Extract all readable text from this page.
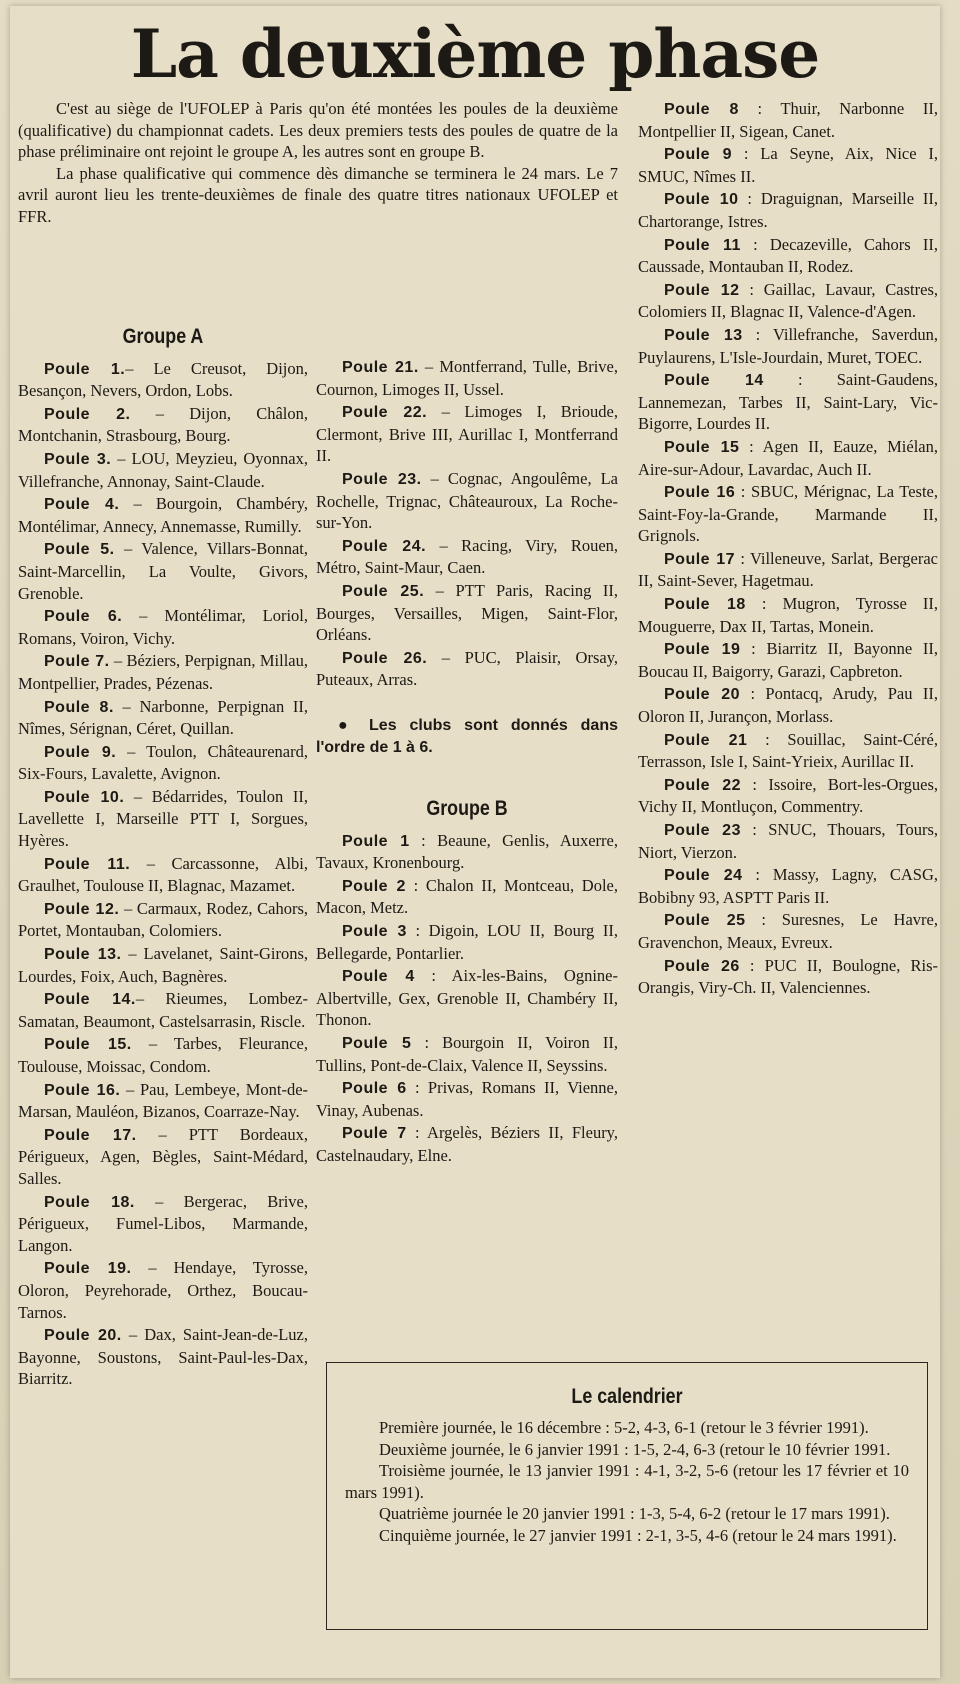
La deuxième phase

C'est au siège de l'UFOLEP à Paris qu'on été montées les poules de la deuxième (qualificative) du championnat cadets. Les deux premiers tests des poules de quatre de la phase préliminaire ont rejoint le groupe A, les autres sont en groupe B.

La phase qualificative qui commence dès dimanche se terminera le 24 mars. Le 7 avril auront lieu les trente-deuxièmes de finale des quatre titres nationaux UFOLEP et FFR.

Groupe A

Poule 1.– Le Creusot, Dijon, Besançon, Nevers, Ordon, Lobs.

Poule 2. – Dijon, Châlon, Montchanin, Strasbourg, Bourg.

Poule 3. – LOU, Meyzieu, Oyonnax, Villefranche, Annonay, Saint-Claude.

Poule 4. – Bourgoin, Chambéry, Montélimar, Annecy, Annemasse, Rumilly.

Poule 5. – Valence, Villars-Bonnat, Saint-Marcellin, La Voulte, Givors, Grenoble.

Poule 6. – Montélimar, Loriol, Romans, Voiron, Vichy.

Poule 7. – Béziers, Perpignan, Millau, Montpellier, Prades, Pézenas.

Poule 8. – Narbonne, Perpignan II, Nîmes, Sérignan, Céret, Quillan.

Poule 9. – Toulon, Châteaurenard, Six-Fours, Lavalette, Avignon.

Poule 10. – Bédarrides, Toulon II, Lavellette I, Marseille PTT I, Sorgues, Hyères.

Poule 11. – Carcassonne, Albi, Graulhet, Toulouse II, Blagnac, Mazamet.

Poule 12. – Carmaux, Rodez, Cahors, Portet, Montauban, Colomiers.

Poule 13. – Lavelanet, Saint-Girons, Lourdes, Foix, Auch, Bagnères.

Poule 14.– Rieumes, Lombez-Samatan, Beaumont, Castelsarrasin, Riscle.

Poule 15. – Tarbes, Fleurance, Toulouse, Moissac, Condom.

Poule 16. – Pau, Lembeye, Mont-de-Marsan, Mauléon, Bizanos, Coarraze-Nay.

Poule 17. – PTT Bordeaux, Périgueux, Agen, Bègles, Saint-Médard, Salles.

Poule 18. – Bergerac, Brive, Périgueux, Fumel-Libos, Marmande, Langon.

Poule 19. – Hendaye, Tyrosse, Oloron, Peyrehorade, Orthez, Boucau-Tarnos.

Poule 20. – Dax, Saint-Jean-de-Luz, Bayonne, Soustons, Saint-Paul-les-Dax, Biarritz.

Poule 21. – Montferrand, Tulle, Brive, Cournon, Limoges II, Ussel.

Poule 22. – Limoges I, Brioude, Clermont, Brive III, Aurillac I, Montferrand II.

Poule 23. – Cognac, Angoulême, La Rochelle, Trignac, Châteauroux, La Roche-sur-Yon.

Poule 24. – Racing, Viry, Rouen, Métro, Saint-Maur, Caen.

Poule 25. – PTT Paris, Racing II, Bourges, Versailles, Migen, Saint-Flor, Orléans.

Poule 26. – PUC, Plaisir, Orsay, Puteaux, Arras.

● Les clubs sont donnés dans l'ordre de 1 à 6.

Groupe B

Poule 1 : Beaune, Genlis, Auxerre, Tavaux, Kronenbourg.

Poule 2 : Chalon II, Montceau, Dole, Macon, Metz.

Poule 3 : Digoin, LOU II, Bourg II, Bellegarde, Pontarlier.

Poule 4 : Aix-les-Bains, Ognine-Albertville, Gex, Grenoble II, Chambéry II, Thonon.

Poule 5 : Bourgoin II, Voiron II, Tullins, Pont-de-Claix, Valence II, Seyssins.

Poule 6 : Privas, Romans II, Vienne, Vinay, Aubenas.

Poule 7 : Argelès, Béziers II, Fleury, Castelnaudary, Elne.

Poule 8 : Thuir, Narbonne II, Montpellier II, Sigean, Canet.

Poule 9 : La Seyne, Aix, Nice I, SMUC, Nîmes II.

Poule 10 : Draguignan, Marseille II, Chartorange, Istres.

Poule 11 : Decazeville, Cahors II, Caussade, Montauban II, Rodez.

Poule 12 : Gaillac, Lavaur, Castres, Colomiers II, Blagnac II, Valence-d'Agen.

Poule 13 : Villefranche, Saverdun, Puylaurens, L'Isle-Jourdain, Muret, TOEC.

Poule 14 : Saint-Gaudens, Lannemezan, Tarbes II, Saint-Lary, Vic-Bigorre, Lourdes II.

Poule 15 : Agen II, Eauze, Miélan, Aire-sur-Adour, Lavardac, Auch II.

Poule 16 : SBUC, Mérignac, La Teste, Saint-Foy-la-Grande, Marmande II, Grignols.

Poule 17 : Villeneuve, Sarlat, Bergerac II, Saint-Sever, Hagetmau.

Poule 18 : Mugron, Tyrosse II, Mouguerre, Dax II, Tartas, Monein.

Poule 19 : Biarritz II, Bayonne II, Boucau II, Baigorry, Garazi, Capbreton.

Poule 20 : Pontacq, Arudy, Pau II, Oloron II, Jurançon, Morlass.

Poule 21 : Souillac, Saint-Céré, Terrasson, Isle I, Saint-Yrieix, Aurillac II.

Poule 22 : Issoire, Bort-les-Orgues, Vichy II, Montluçon, Commentry.

Poule 23 : SNUC, Thouars, Tours, Niort, Vierzon.

Poule 24 : Massy, Lagny, CASG, Bobibny 93, ASPTT Paris II.

Poule 25 : Suresnes, Le Havre, Gravenchon, Meaux, Evreux.

Poule 26 : PUC II, Boulogne, Ris-Orangis, Viry-Ch. II, Valenciennes.

Le calendrier

Première journée, le 16 décembre : 5-2, 4-3, 6-1 (retour le 3 février 1991).

Deuxième journée, le 6 janvier 1991 : 1-5, 2-4, 6-3 (retour le 10 février 1991.

Troisième journée, le 13 janvier 1991 : 4-1, 3-2, 5-6 (retour les 17 février et 10 mars 1991).

Quatrième journée le 20 janvier 1991 : 1-3, 5-4, 6-2 (retour le 17 mars 1991).

Cinquième journée, le 27 janvier 1991 : 2-1, 3-5, 4-6 (retour le 24 mars 1991).
